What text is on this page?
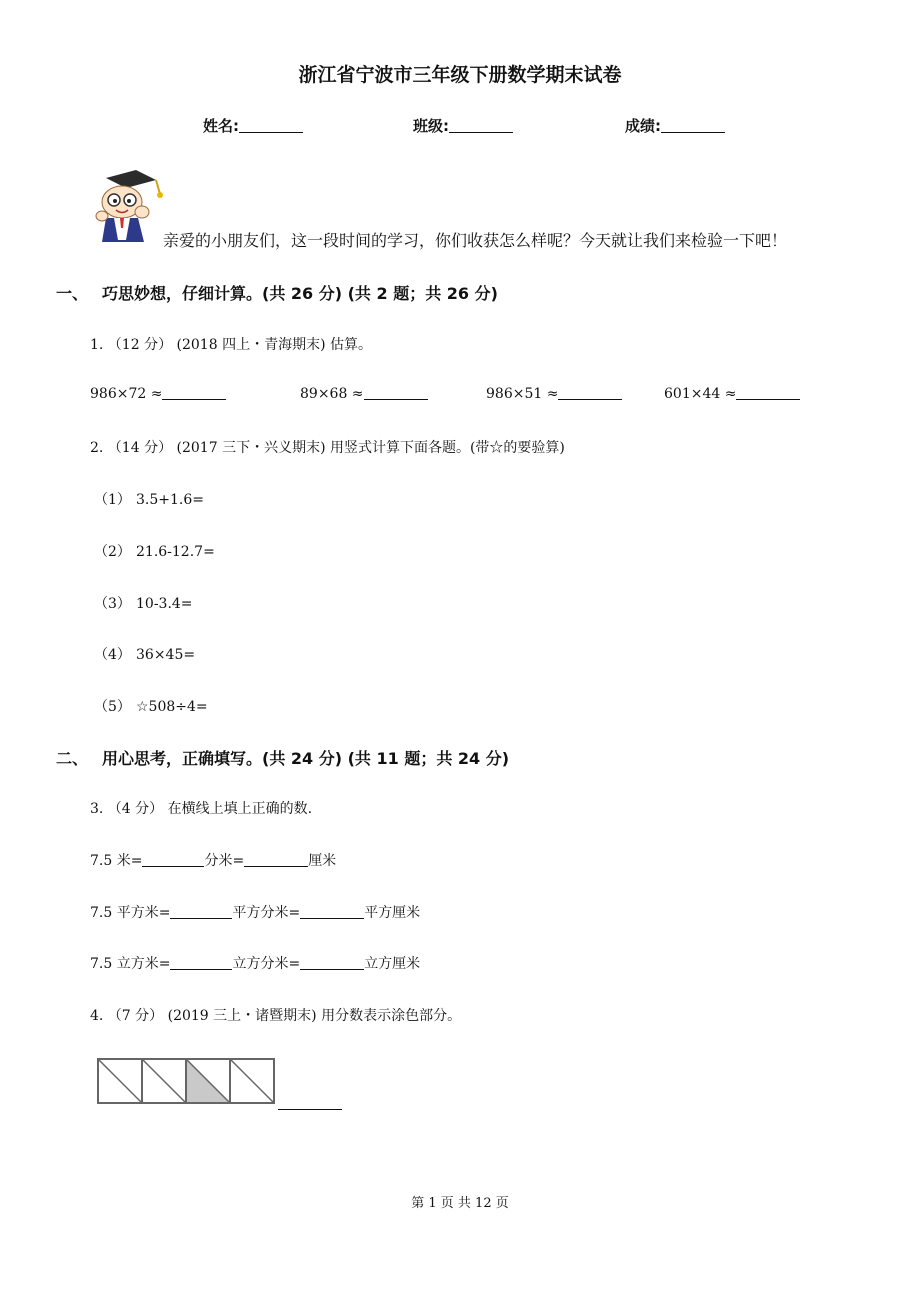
浙江省宁波市三年级下册数学期末试卷
姓名:	班级:	成绩:
亲爱的小朋友们，这一段时间的学习，你们收获怎么样呢？今天就让我们来检验一下吧！
一、 巧思妙想，仔细计算。(共 26 分) (共 2 题；共 26 分)
1. （12 分） (2018 四上・青海期末) 估算。
986×72 ≈	89×68 ≈	986×51 ≈	601×44 ≈
2. （14 分） (2017 三下・兴义期末) 用竖式计算下面各题。(带☆的要验算)
（1） 3.5+1.6=
（2） 21.6-12.7=
（3） 10-3.4=
（4） 36×45=
（5） ☆508÷4=
二、 用心思考，正确填写。(共 24 分) (共 11 题；共 24 分)
3. （4 分） 在横线上填上正确的数.
7.5 米=	分米=	厘米
7.5 平方米=	平方分米=	平方厘米
7.5 立方米=	立方分米=	立方厘米
4. （7 分） (2019 三上・诸暨期末) 用分数表示涂色部分。
第 1 页 共 12 页
